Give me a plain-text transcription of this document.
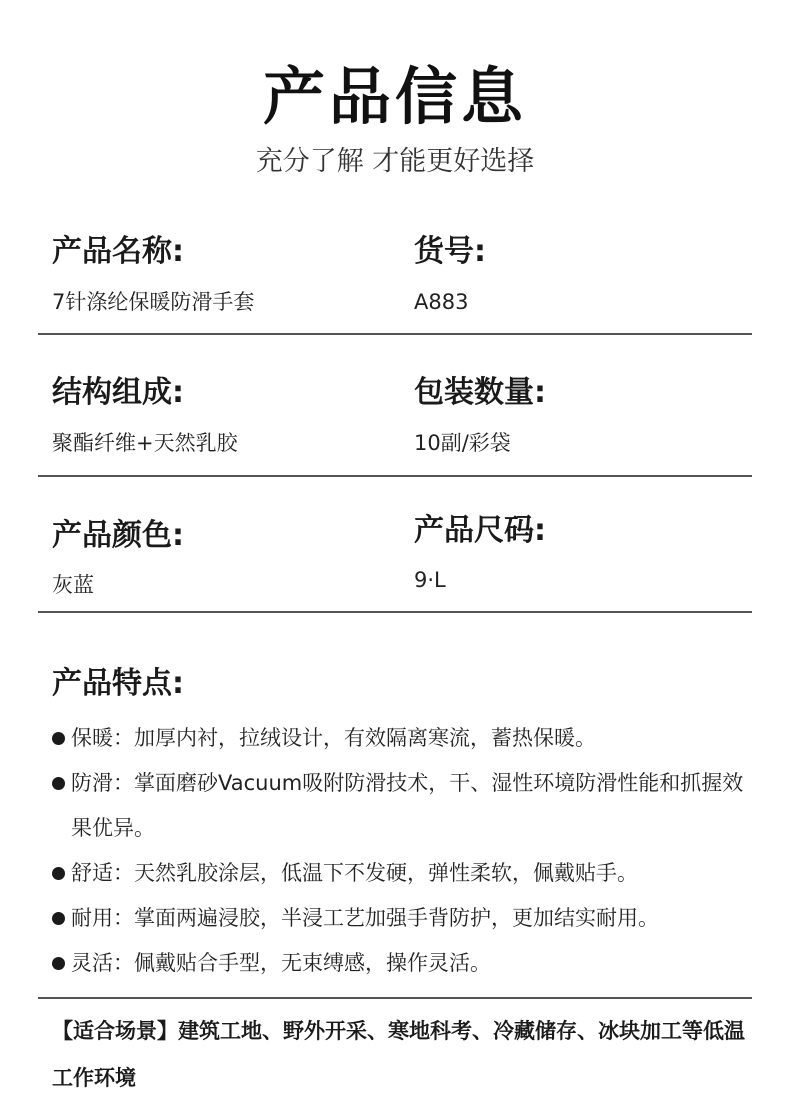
产品信息
充分了解 才能更好选择
产品名称:
7针涤纶保暖防滑手套
货号:
A883
结构组成:
聚酯纤维+天然乳胶
包装数量:
10副/彩袋
产品颜色:
灰蓝
产品尺码:
9·L
产品特点:
保暖：加厚内衬，拉绒设计，有效隔离寒流，蓄热保暖。
防滑：掌面磨砂Vacuum吸附防滑技术，干、湿性环境防滑性能和抓握效果优异。
舒适：天然乳胶涂层，低温下不发硬，弹性柔软，佩戴贴手。
耐用：掌面两遍浸胶，半浸工艺加强手背防护，更加结实耐用。
灵活：佩戴贴合手型，无束缚感，操作灵活。
【适合场景】建筑工地、野外开采、寒地科考、冷藏储存、冰块加工等低温工作环境
